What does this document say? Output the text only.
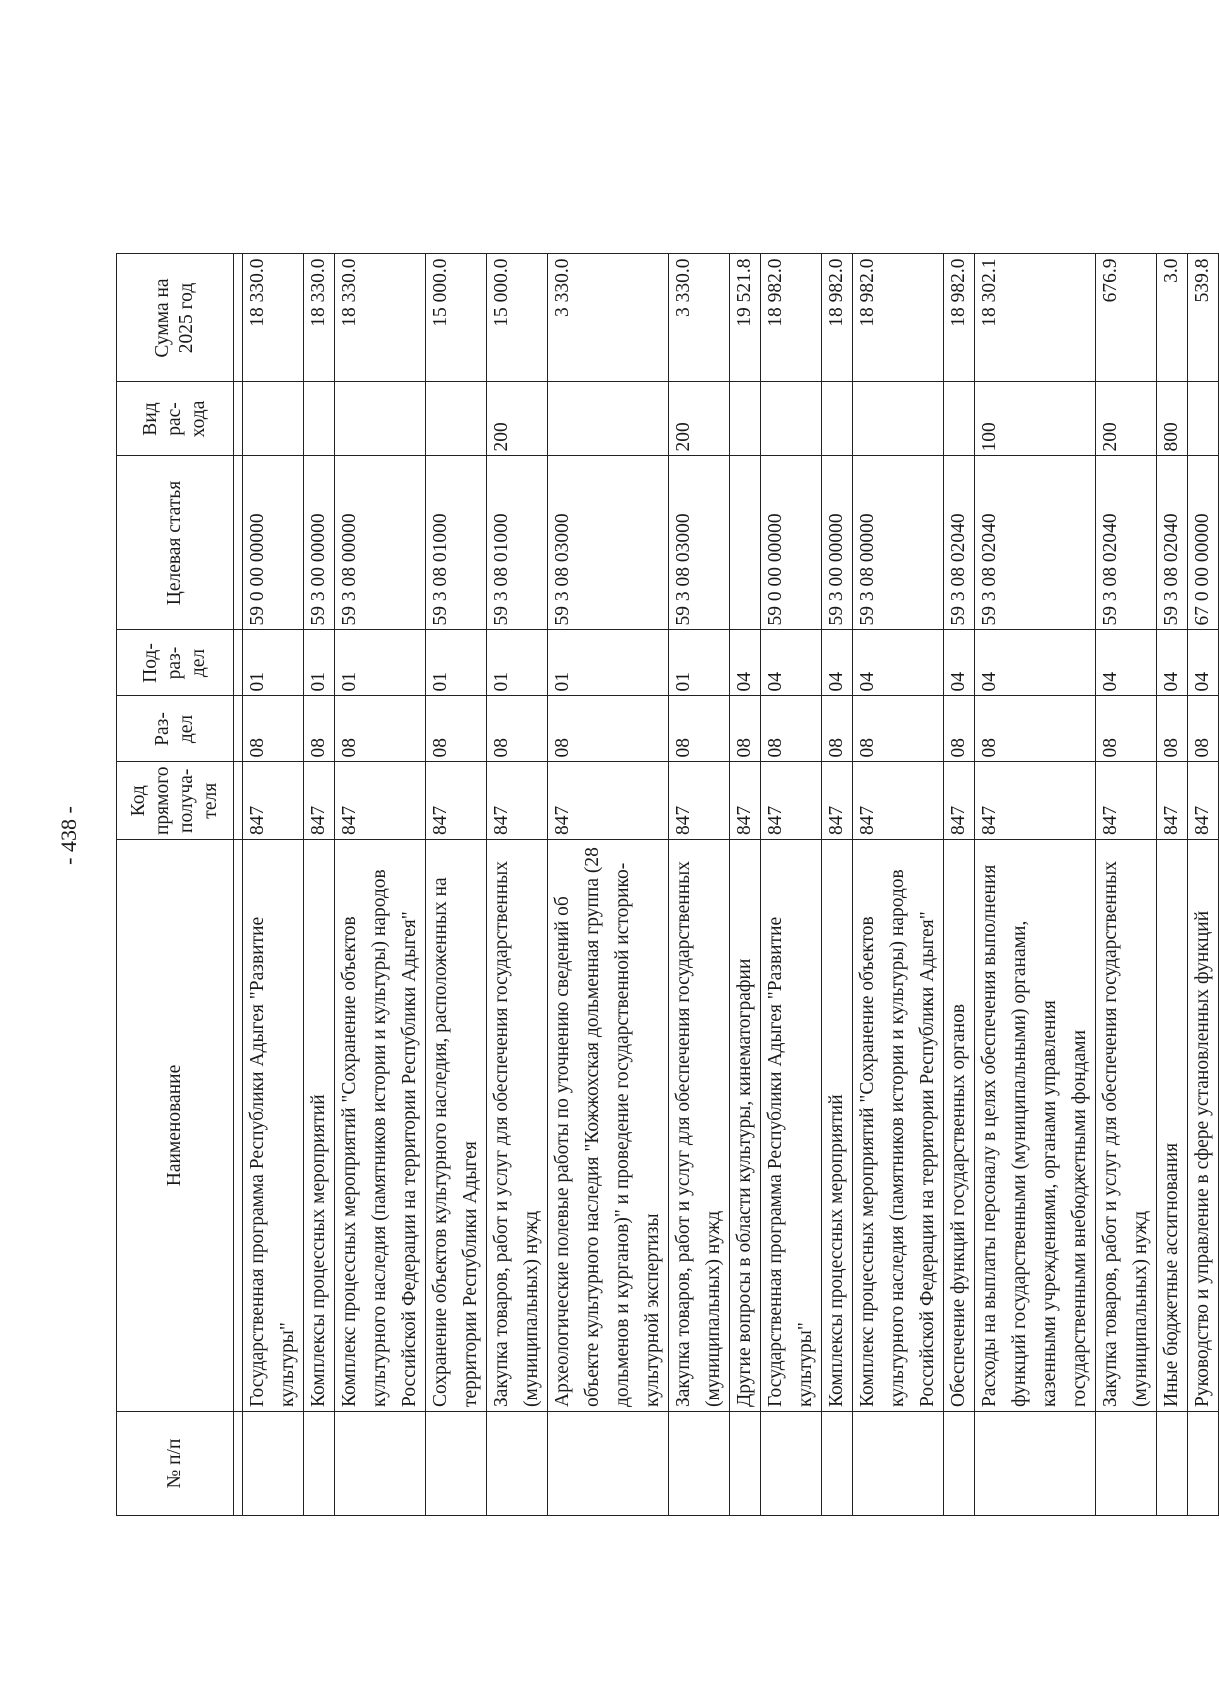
- 438 -
№ п/п	Наименование	Код прямого получа- теля	Раз- дел	Под- раз- дел	Целевая статья	Вид рас- хода	Сумма на 2025 год

	Государственная программа Республики Адыгея "Развитие культуры"	847	08	01	59 0 00 00000		18 330.0
	Комплексы процессных мероприятий	847	08	01	59 3 00 00000		18 330.0
	Комплекс процессных мероприятий "Сохранение объектов культурного наследия (памятников истории и культуры) народов Российской Федерации на территории Республики Адыгея"	847	08	01	59 3 08 00000		18 330.0
	Сохранение объектов культурного наследия, расположенных на территории Республики Адыгея	847	08	01	59 3 08 01000		15 000.0
	Закупка товаров, работ и услуг для обеспечения государственных (муниципальных) нужд	847	08	01	59 3 08 01000	200	15 000.0
	Археологические полевые работы по уточнению сведений об объекте культурного наследия "Кожжохская дольменная группа (28 дольменов и курганов)" и проведение государственной историко-культурной экспертизы	847	08	01	59 3 08 03000		3 330.0
	Закупка товаров, работ и услуг для обеспечения государственных (муниципальных) нужд	847	08	01	59 3 08 03000	200	3 330.0
	Другие вопросы в области культуры, кинематографии	847	08	04			19 521.8
	Государственная программа Республики Адыгея "Развитие культуры"	847	08	04	59 0 00 00000		18 982.0
	Комплексы процессных мероприятий	847	08	04	59 3 00 00000		18 982.0
	Комплекс процессных мероприятий "Сохранение объектов культурного наследия (памятников истории и культуры) народов Российской Федерации на территории Республики Адыгея"	847	08	04	59 3 08 00000		18 982.0
	Обеспечение функций государственных органов	847	08	04	59 3 08 02040		18 982.0
	Расходы на выплаты персоналу в целях обеспечения выполнения функций государственными (муниципальными) органами, казенными учреждениями, органами управления государственными внебюджетными фондами	847	08	04	59 3 08 02040	100	18 302.1
	Закупка товаров, работ и услуг для обеспечения государственных (муниципальных) нужд	847	08	04	59 3 08 02040	200	676.9
	Иные бюджетные ассигнования	847	08	04	59 3 08 02040	800	3.0
	Руководство и управление в сфере установленных функций	847	08	04	67 0 00 00000		539.8
